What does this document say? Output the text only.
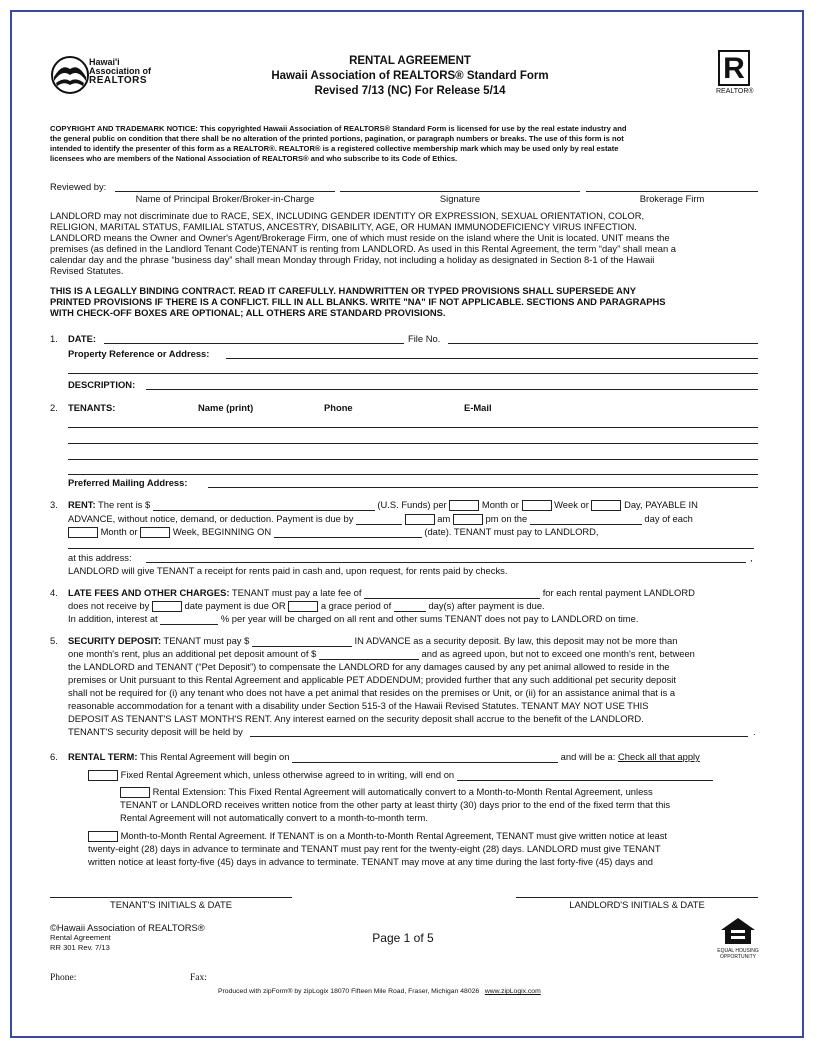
Hawai'i
Association of
REALTORS
RENTAL AGREEMENT
Hawaii Association of REALTORS® Standard Form
Revised 7/13 (NC) For Release 5/14
R
REALTOR®
COPYRIGHT AND TRADEMARK NOTICE: This copyrighted Hawaii Association of REALTORS® Standard Form is licensed for use by the real estate industry and
the general public on condition that there shall be no alteration of the printed portions, pagination, or paragraph numbers or breaks. The use of this form is not
intended to identify the presenter of this form as a REALTOR®. REALTOR® is a registered collective membership mark which may be used only by real estate
licensees who are members of the National Association of REALTORS® and who subscribe to its Code of Ethics.
Reviewed by:
Name of Principal Broker/Broker-in-Charge	Signature	Brokerage Firm
LANDLORD may not discriminate due to RACE, SEX, INCLUDING GENDER IDENTITY OR EXPRESSION, SEXUAL ORIENTATION, COLOR,
RELIGION, MARITAL STATUS, FAMILIAL STATUS, ANCESTRY, DISABILITY, AGE, OR HUMAN IMMUNODEFICIENCY VIRUS INFECTION.
LANDLORD means the Owner and Owner's Agent/Brokerage Firm, one of which must reside on the island where the Unit is located. UNIT means the
premises (as defined in the Landlord Tenant Code)TENANT is renting from LANDLORD. As used in this Rental Agreement, the term “day” shall mean a
calendar day and the phrase “business day” shall mean Monday through Friday, not including a holiday as designated in Section 8-1 of the Hawaii
Revised Statutes.
THIS IS A LEGALLY BINDING CONTRACT. READ IT CAREFULLY. HANDWRITTEN OR TYPED PROVISIONS SHALL SUPERSEDE ANY
PRINTED PROVISIONS IF THERE IS A CONFLICT. FILL IN ALL BLANKS. WRITE "NA" IF NOT APPLICABLE. SECTIONS AND PARAGRAPHS
WITH CHECK-OFF BOXES ARE OPTIONAL; ALL OTHERS ARE STANDARD PROVISIONS.
1. DATE:	File No.
Property Reference or Address:
DESCRIPTION:
2. TENANTS:	Name (print)	Phone	E-Mail
Preferred Mailing Address:
3. RENT: The rent is $	(U.S. Funds) per	Month or	Week or	Day, PAYABLE IN
ADVANCE, without notice, demand, or deduction. Payment is due by	am	pm on the	day of each
Month or	Week, BEGINNING ON	(date). TENANT must pay to LANDLORD,
at this address:	,
LANDLORD will give TENANT a receipt for rents paid in cash and, upon request, for rents paid by checks.
4. LATE FEES AND OTHER CHARGES: TENANT must pay a late fee of	for each rental payment LANDLORD
does not receive by	date payment is due OR	a grace period of	day(s) after payment is due.
In addition, interest at	% per year will be charged on all rent and other sums TENANT does not pay to LANDLORD on time.
5. SECURITY DEPOSIT: TENANT must pay $	IN ADVANCE as a security deposit. By law, this deposit may not be more than
one month's rent, plus an additional pet deposit amount of $	and as agreed upon, but not to exceed one month's rent, between
the LANDLORD and TENANT (“Pet Deposit”) to compensate the LANDLORD for any damages caused by any pet animal allowed to reside in the
premises or Unit pursuant to this Rental Agreement and applicable PET ADDENDUM; provided further that any such additional pet security deposit
shall not be required for (i) any tenant who does not have a pet animal that resides on the premises or Unit, or (ii) for an assistance animal that is a
reasonable accommodation for a tenant with a disability under Section 515-3 of the Hawaii Revised Statutes. TENANT MAY NOT USE THIS
DEPOSIT AS TENANT'S LAST MONTH'S RENT. Any interest earned on the security deposit shall accrue to the benefit of the LANDLORD.
TENANT'S security deposit will be held by	.
6. RENTAL TERM: This Rental Agreement will begin on	and will be a: Check all that apply
Fixed Rental Agreement which, unless otherwise agreed to in writing, will end on
Rental Extension: This Fixed Rental Agreement will automatically convert to a Month-to-Month Rental Agreement, unless
TENANT or LANDLORD receives written notice from the other party at least thirty (30) days prior to the end of the fixed term that this
Rental Agreement will not automatically convert to a month-to-month term.
Month-to-Month Rental Agreement. If TENANT is on a Month-to-Month Rental Agreement, TENANT must give written notice at least
twenty-eight (28) days in advance to terminate and TENANT must pay rent for the twenty-eight (28) days. LANDLORD must give TENANT
written notice at least forty-five (45) days in advance to terminate. TENANT may move at any time during the last forty-five (45) days and
TENANT'S INITIALS & DATE	LANDLORD'S INITIALS & DATE
©Hawaii Association of REALTORS®
Rental Agreement
RR 301 Rev. 7/13
Page 1 of 5
EQUAL HOUSING
OPPORTUNITY
Phone:	Fax:
Produced with zipForm® by zipLogix 18070 Fifteen Mile Road, Fraser, Michigan 48026 www.zipLogix.com
